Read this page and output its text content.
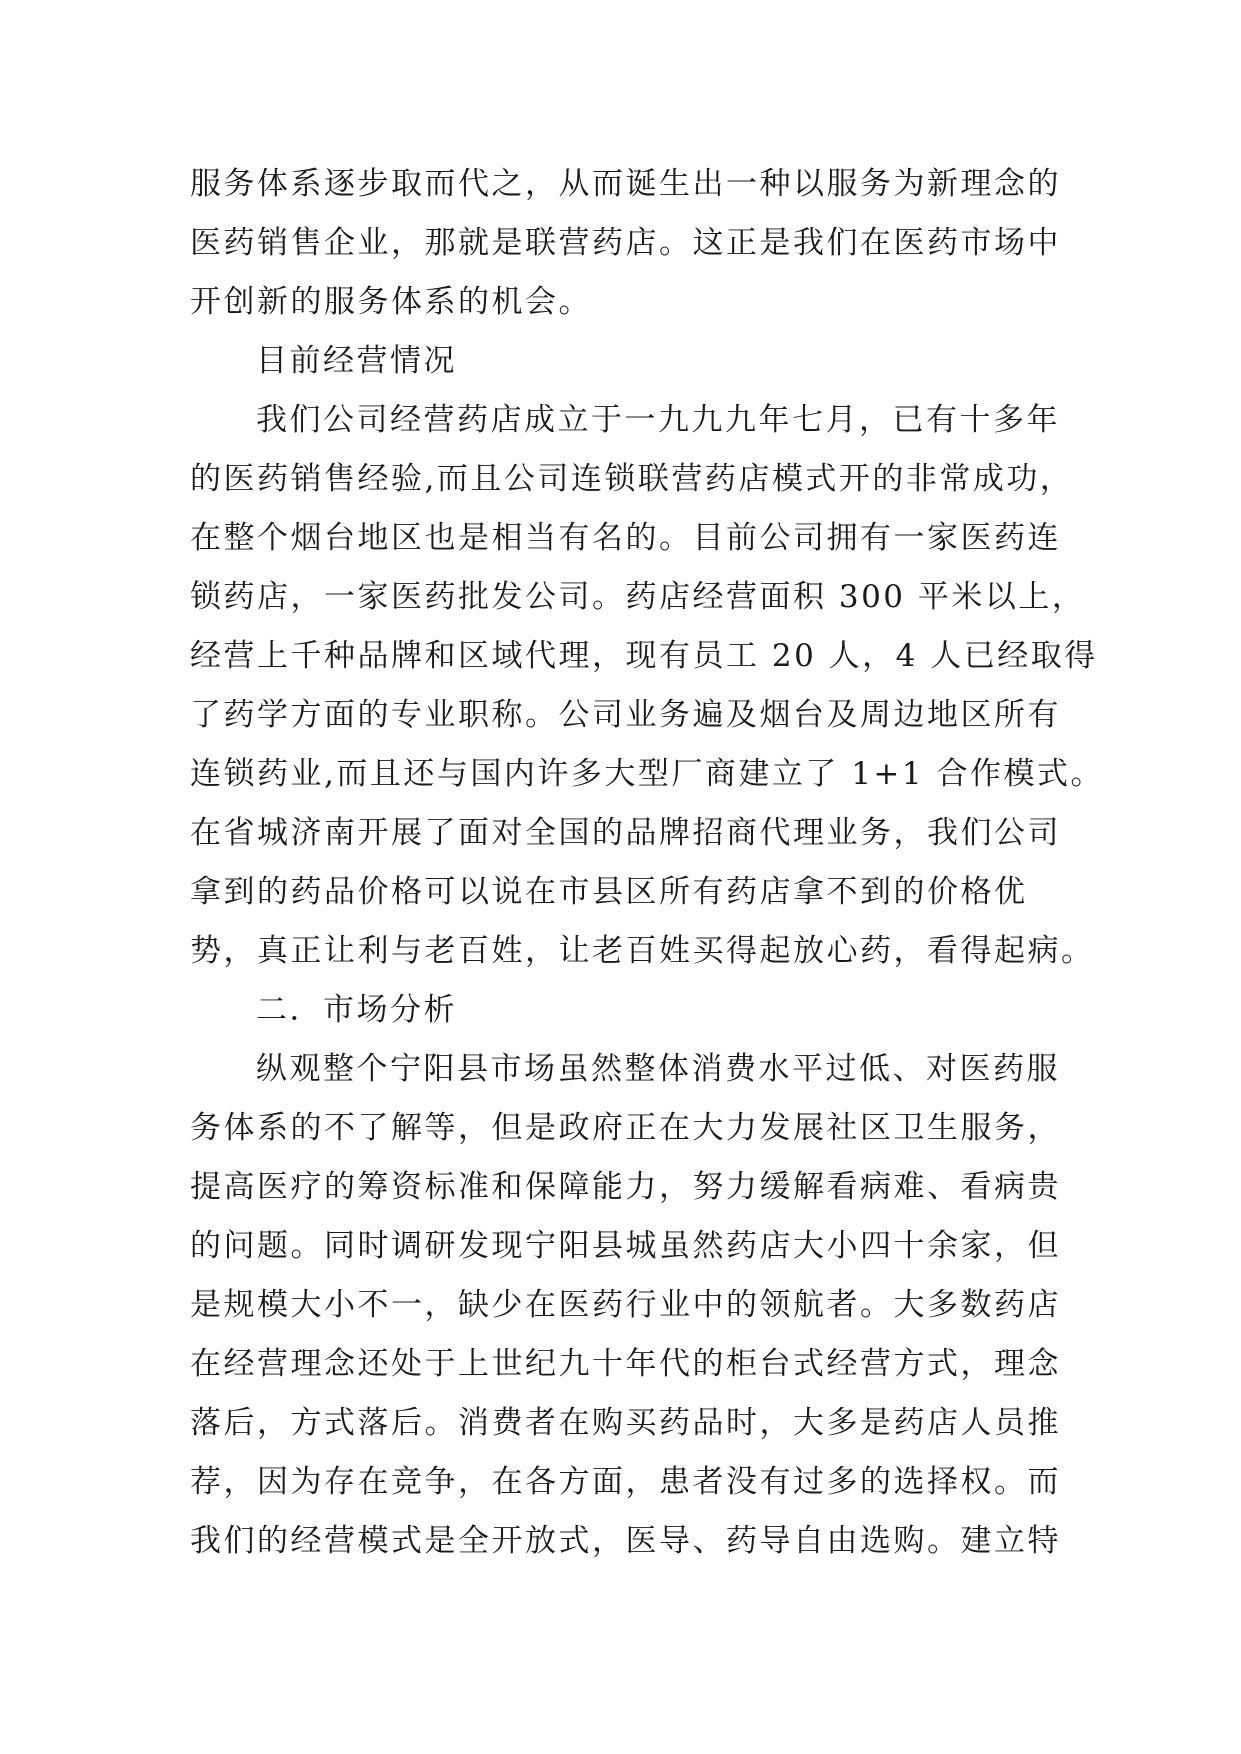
服务体系逐步取而代之，从而诞生出一种以服务为新理念的
医药销售企业，那就是联营药店。这正是我们在医药市场中
开创新的服务体系的机会。
目前经营情况
我们公司经营药店成立于一九九九年七月，已有十多年
的医药销售经验,而且公司连锁联营药店模式开的非常成功，
在整个烟台地区也是相当有名的。目前公司拥有一家医药连
锁药店，一家医药批发公司。药店经营面积 300 平米以上，
经营上千种品牌和区域代理，现有员工 20 人，4 人已经取得
了药学方面的专业职称。公司业务遍及烟台及周边地区所有
连锁药业,而且还与国内许多大型厂商建立了 1+1 合作模式。
在省城济南开展了面对全国的品牌招商代理业务，我们公司
拿到的药品价格可以说在市县区所有药店拿不到的价格优
势，真正让利与老百姓，让老百姓买得起放心药，看得起病。
二．市场分析
纵观整个宁阳县市场虽然整体消费水平过低、对医药服
务体系的不了解等，但是政府正在大力发展社区卫生服务，
提高医疗的筹资标准和保障能力，努力缓解看病难、看病贵
的问题。同时调研发现宁阳县城虽然药店大小四十余家，但
是规模大小不一，缺少在医药行业中的领航者。大多数药店
在经营理念还处于上世纪九十年代的柜台式经营方式，理念
落后，方式落后。消费者在购买药品时，大多是药店人员推
荐，因为存在竞争，在各方面，患者没有过多的选择权。而
我们的经营模式是全开放式，医导、药导自由选购。建立特
